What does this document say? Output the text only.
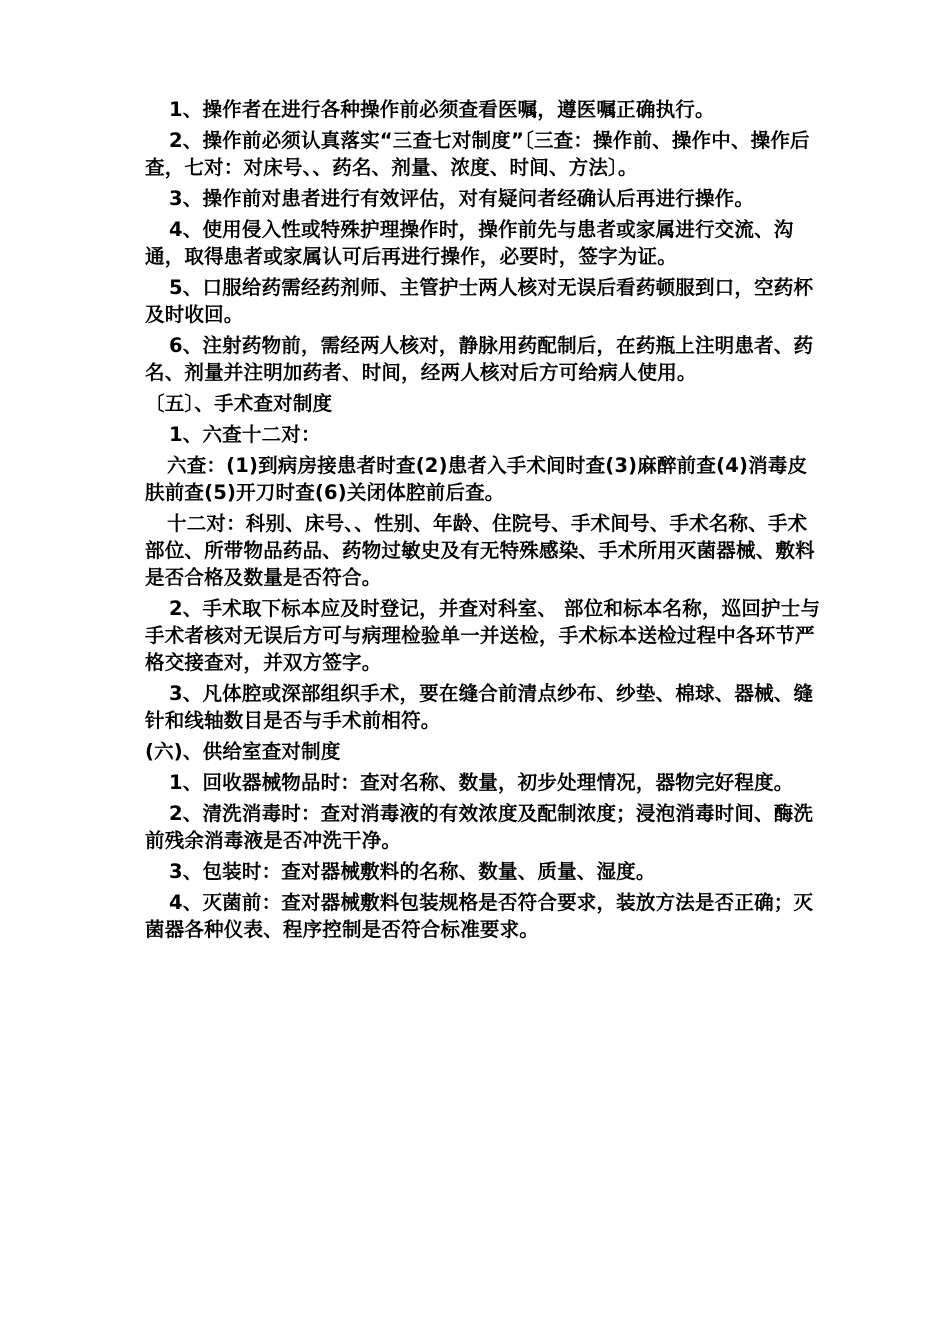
1、操作者在进行各种操作前必须查看医嘱，遵医嘱正确执行。

2、操作前必须认真落实“三查七对制度”〔三查：操作前、操作中、操作后查，七对：对床号、、药名、剂量、浓度、时间、方法〕。

3、操作前对患者进行有效评估，对有疑问者经确认后再进行操作。

4、使用侵入性或特殊护理操作时，操作前先与患者或家属进行交流、沟通，取得患者或家属认可后再进行操作，必要时，签字为证。

5、口服给药需经药剂师、主管护士两人核对无误后看药顿服到口，空药杯及时收回。

6、注射药物前，需经两人核对，静脉用药配制后，在药瓶上注明患者、药名、剂量并注明加药者、时间，经两人核对后方可给病人使用。

〔五〕、手术查对制度

1、六查十二对：

六查：(1)到病房接患者时查(2)患者入手术间时查(3)麻醉前查(4)消毒皮肤前查(5)开刀时查(6)关闭体腔前后查。

十二对：科别、床号、、性别、年龄、住院号、手术间号、手术名称、手术部位、所带物品药品、药物过敏史及有无特殊感染、手术所用灭菌器械、敷料是否合格及数量是否符合。

2、手术取下标本应及时登记，并查对科室、 部位和标本名称，巡回护士与手术者核对无误后方可与病理检验单一并送检，手术标本送检过程中各环节严格交接查对，并双方签字。

3、凡体腔或深部组织手术，要在缝合前清点纱布、纱垫、棉球、器械、缝针和线轴数目是否与手术前相符。

(六)、供给室查对制度

1、回收器械物品时：查对名称、数量，初步处理情况，器物完好程度。

2、清洗消毒时：查对消毒液的有效浓度及配制浓度；浸泡消毒时间、酶洗前残余消毒液是否冲洗干净。

3、包装时：查对器械敷料的名称、数量、质量、湿度。

4、灭菌前：查对器械敷料包装规格是否符合要求，装放方法是否正确；灭菌器各种仪表、程序控制是否符合标准要求。
